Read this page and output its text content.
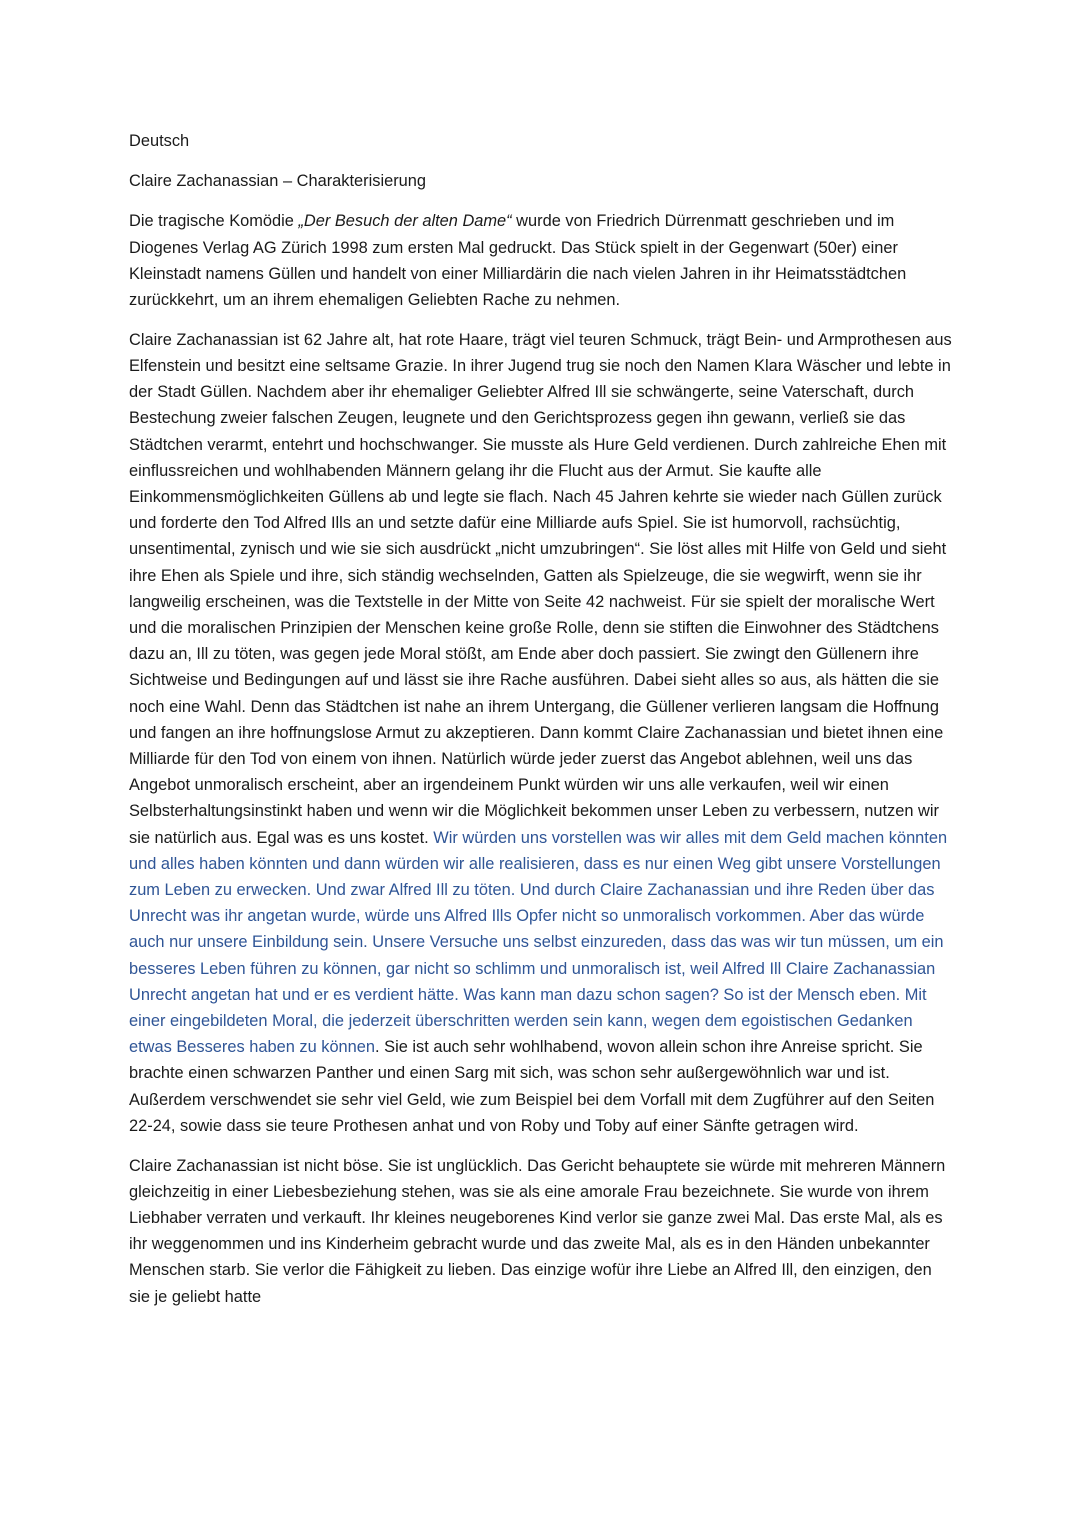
Deutsch

Claire Zachanassian – Charakterisierung

Die tragische Komödie „Der Besuch der alten Dame“ wurde von Friedrich Dürrenmatt geschrieben und im Diogenes Verlag AG Zürich 1998 zum ersten Mal gedruckt. Das Stück spielt in der Gegenwart (50er) einer Kleinstadt namens Güllen und handelt von einer Milliardärin die nach vielen Jahren in ihr Heimatsstädtchen zurückkehrt, um an ihrem ehemaligen Geliebten Rache zu nehmen.

Claire Zachanassian ist 62 Jahre alt, hat rote Haare, trägt viel teuren Schmuck, trägt Bein- und Armprothesen aus Elfenstein und besitzt eine seltsame Grazie. In ihrer Jugend trug sie noch den Namen Klara Wäscher und lebte in der Stadt Güllen. Nachdem aber ihr ehemaliger Geliebter Alfred Ill sie schwängerte, seine Vaterschaft, durch Bestechung zweier falschen Zeugen, leugnete und den Gerichtsprozess gegen ihn gewann, verließ sie das Städtchen verarmt, entehrt und hochschwanger. Sie musste als Hure Geld verdienen. Durch zahlreiche Ehen mit einflussreichen und wohlhabenden Männern gelang ihr die Flucht aus der Armut. Sie kaufte alle Einkommensmöglichkeiten Güllens ab und legte sie flach. Nach 45 Jahren kehrte sie wieder nach Güllen zurück und forderte den Tod Alfred Ills an und setzte dafür eine Milliarde aufs Spiel. Sie ist humorvoll, rachsüchtig, unsentimental, zynisch und wie sie sich ausdrückt „nicht umzubringen“. Sie löst alles mit Hilfe von Geld und sieht ihre Ehen als Spiele und ihre, sich ständig wechselnden, Gatten als Spielzeuge, die sie wegwirft, wenn sie ihr langweilig erscheinen, was die Textstelle in der Mitte von Seite 42 nachweist. Für sie spielt der moralische Wert und die moralischen Prinzipien der Menschen keine große Rolle, denn sie stiften die Einwohner des Städtchens dazu an, Ill zu töten, was gegen jede Moral stößt, am Ende aber doch passiert. Sie zwingt den Güllenern ihre Sichtweise und Bedingungen auf und lässt sie ihre Rache ausführen. Dabei sieht alles so aus, als hätten die sie noch eine Wahl. Denn das Städtchen ist nahe an ihrem Untergang, die Güllener verlieren langsam die Hoffnung und fangen an ihre hoffnungslose Armut zu akzeptieren. Dann kommt Claire Zachanassian und bietet ihnen eine Milliarde für den Tod von einem von ihnen. Natürlich würde jeder zuerst das Angebot ablehnen, weil uns das Angebot unmoralisch erscheint, aber an irgendeinem Punkt würden wir uns alle verkaufen, weil wir einen Selbsterhaltungsinstinkt haben und wenn wir die Möglichkeit bekommen unser Leben zu verbessern, nutzen wir sie natürlich aus. Egal was es uns kostet. Wir würden uns vorstellen was wir alles mit dem Geld machen könnten und alles haben könnten und dann würden wir alle realisieren, dass es nur einen Weg gibt unsere Vorstellungen zum Leben zu erwecken. Und zwar Alfred Ill zu töten. Und durch Claire Zachanassian und ihre Reden über das Unrecht was ihr angetan wurde, würde uns Alfred Ills Opfer nicht so unmoralisch vorkommen. Aber das würde auch nur unsere Einbildung sein. Unsere Versuche uns selbst einzureden, dass das was wir tun müssen, um ein besseres Leben führen zu können, gar nicht so schlimm und unmoralisch ist, weil Alfred Ill Claire Zachanassian Unrecht angetan hat und er es verdient hätte. Was kann man dazu schon sagen? So ist der Mensch eben. Mit einer eingebildeten Moral, die jederzeit überschritten werden sein kann, wegen dem egoistischen Gedanken etwas Besseres haben zu können. Sie ist auch sehr wohlhabend, wovon allein schon ihre Anreise spricht. Sie brachte einen schwarzen Panther und einen Sarg mit sich, was schon sehr außergewöhnlich war und ist. Außerdem verschwendet sie sehr viel Geld, wie zum Beispiel bei dem Vorfall mit dem Zugführer auf den Seiten 22-24, sowie dass sie teure Prothesen anhat und von Roby und Toby auf einer Sänfte getragen wird.

Claire Zachanassian ist nicht böse. Sie ist unglücklich. Das Gericht behauptete sie würde mit mehreren Männern gleichzeitig in einer Liebesbeziehung stehen, was sie als eine amorale Frau bezeichnete. Sie wurde von ihrem Liebhaber verraten und verkauft. Ihr kleines neugeborenes Kind verlor sie ganze zwei Mal. Das erste Mal, als es ihr weggenommen und ins Kinderheim gebracht wurde und das zweite Mal, als es in den Händen unbekannter Menschen starb. Sie verlor die Fähigkeit zu lieben. Das einzige wofür ihre Liebe an Alfred Ill, den einzigen, den sie je geliebt hatte
